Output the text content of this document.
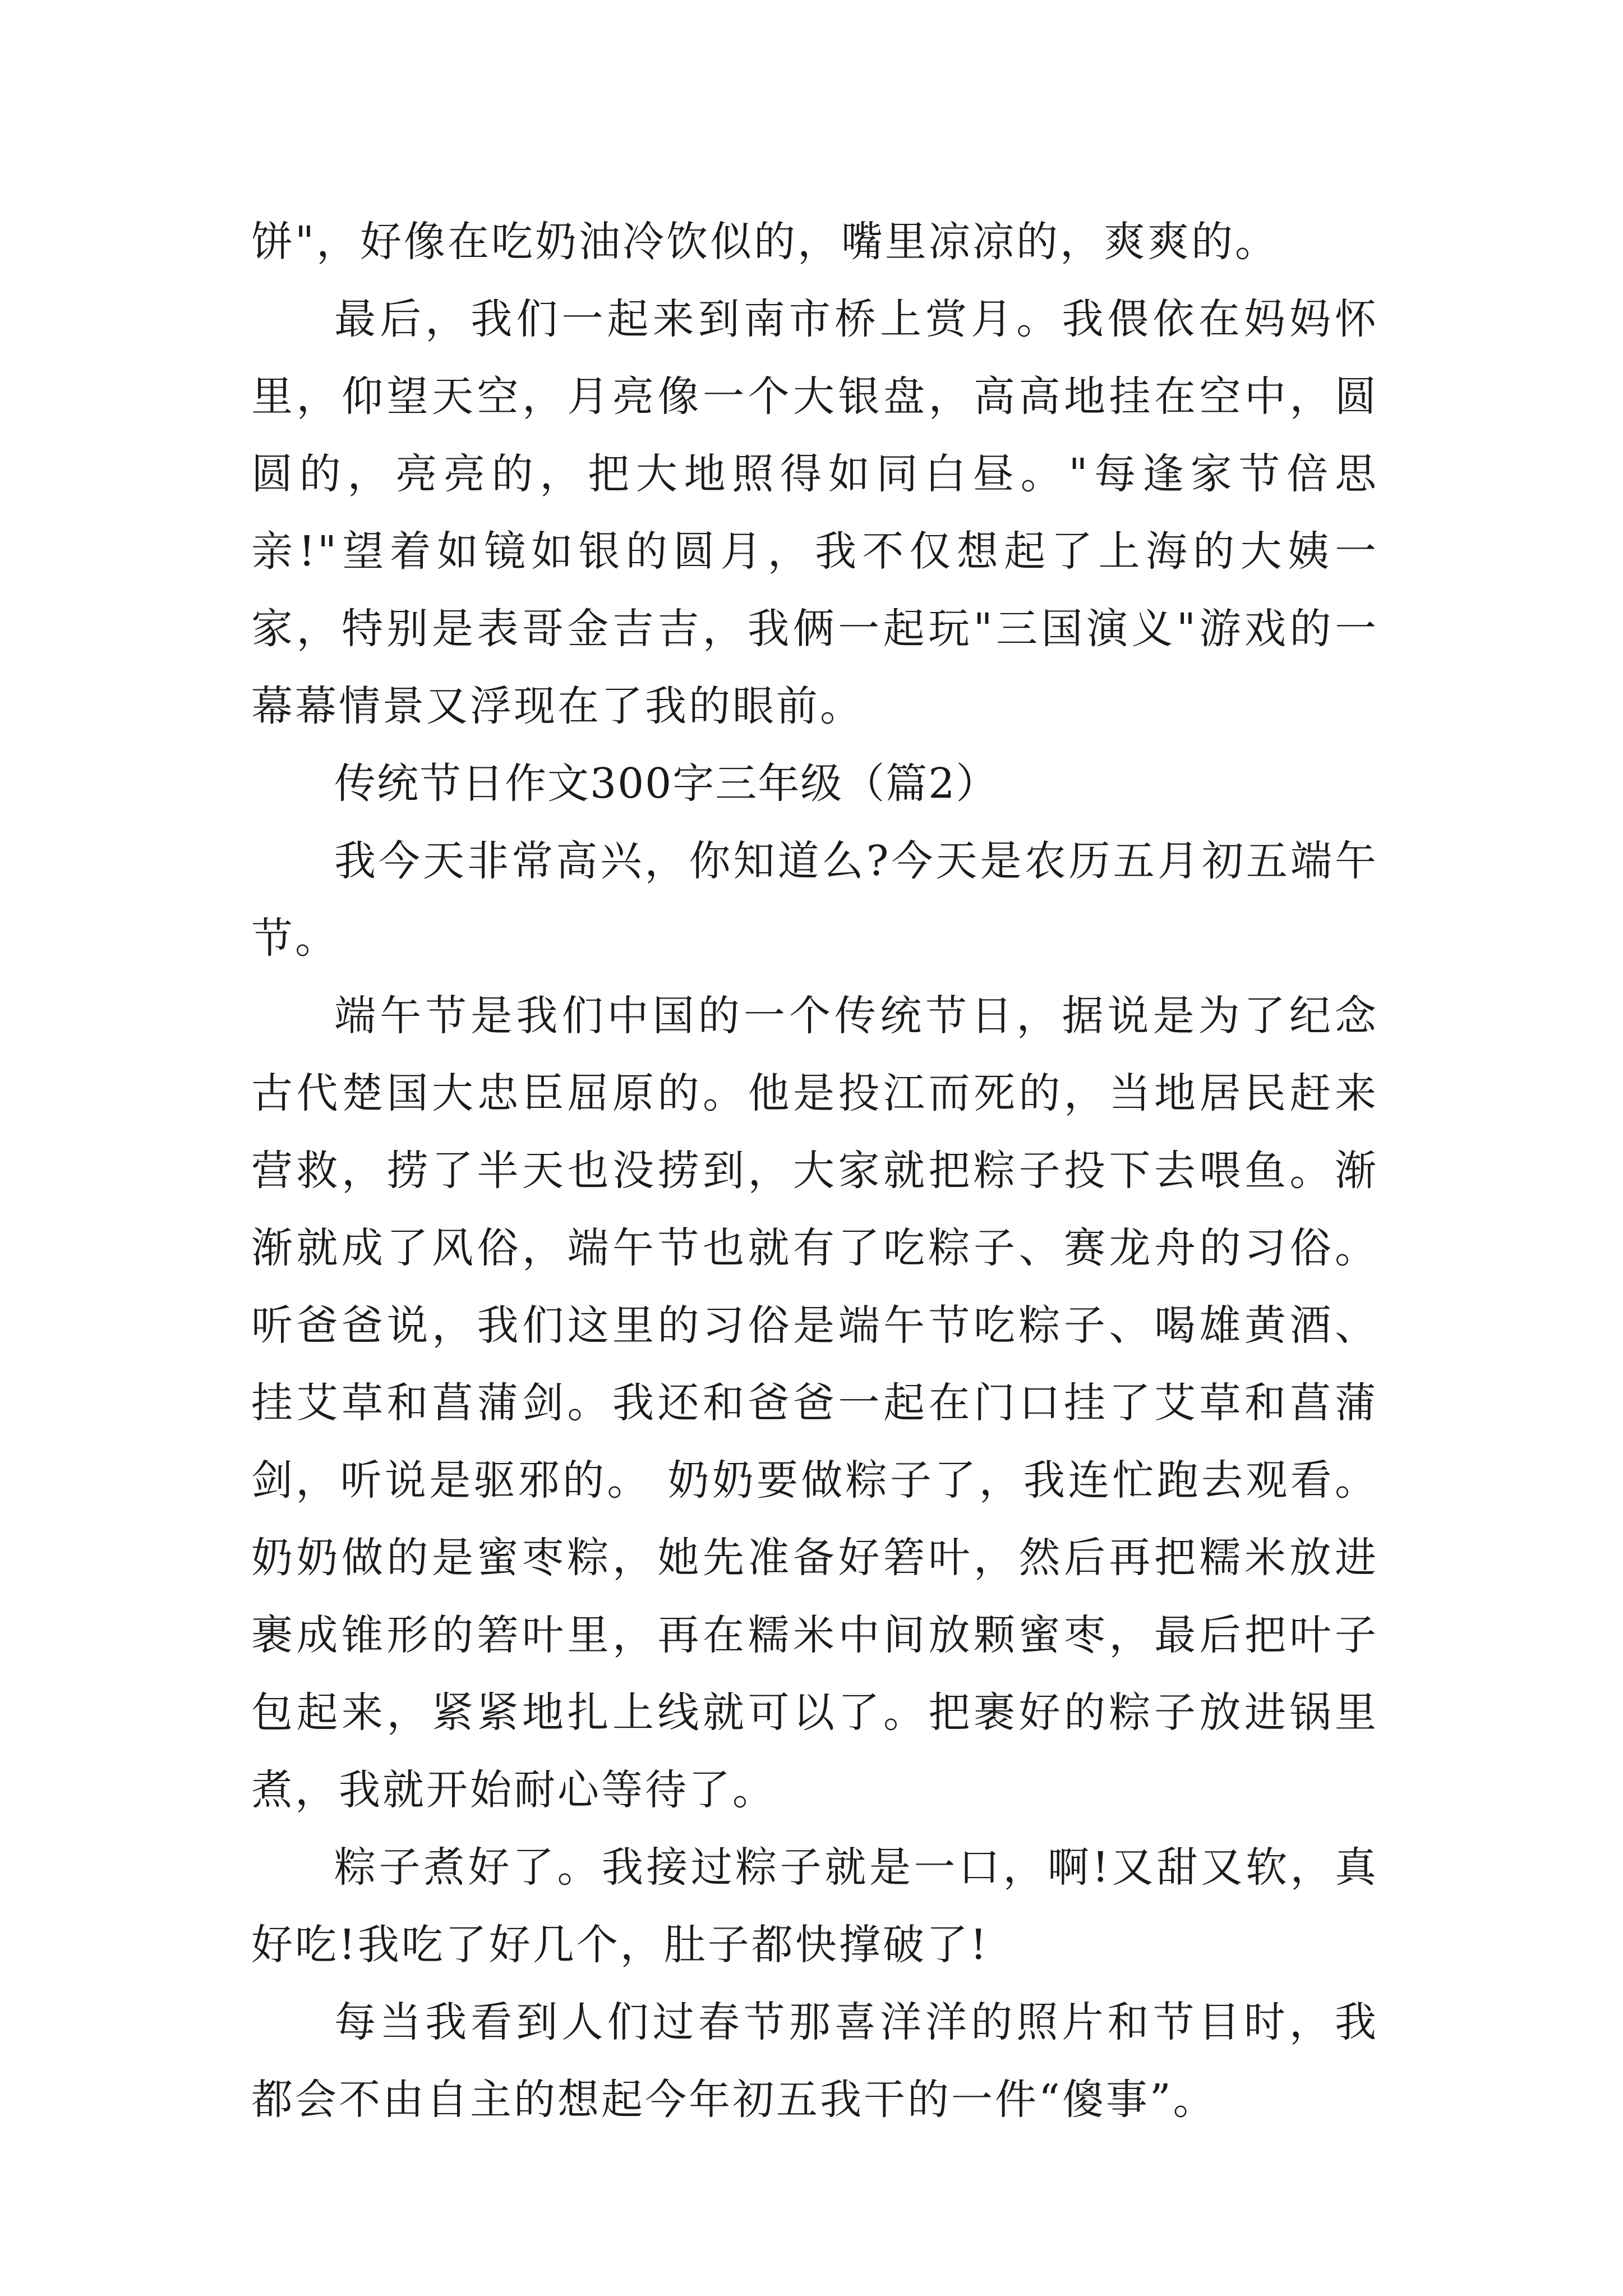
饼"，好像在吃奶油冷饮似的，嘴里凉凉的，爽爽的。

最后，我们一起来到南市桥上赏月。我偎依在妈妈怀里，仰望天空，月亮像一个大银盘，高高地挂在空中，圆圆的，亮亮的，把大地照得如同白昼。"每逢家节倍思亲!"望着如镜如银的圆月，我不仅想起了上海的大姨一家，特别是表哥金吉吉，我俩一起玩"三国演义"游戏的一幕幕情景又浮现在了我的眼前。

传统节日作文300字三年级（篇2）

我今天非常高兴，你知道么?今天是农历五月初五端午节。

端午节是我们中国的一个传统节日，据说是为了纪念古代楚国大忠臣屈原的。他是投江而死的，当地居民赶来营救，捞了半天也没捞到，大家就把粽子投下去喂鱼。渐渐就成了风俗，端午节也就有了吃粽子、赛龙舟的习俗。听爸爸说，我们这里的习俗是端午节吃粽子、喝雄黄酒、挂艾草和菖蒲剑。我还和爸爸一起在门口挂了艾草和菖蒲剑，听说是驱邪的。 奶奶要做粽子了，我连忙跑去观看。奶奶做的是蜜枣粽，她先准备好箬叶，然后再把糯米放进裹成锥形的箬叶里，再在糯米中间放颗蜜枣，最后把叶子包起来，紧紧地扎上线就可以了。把裹好的粽子放进锅里煮，我就开始耐心等待了。

粽子煮好了。我接过粽子就是一口，啊!又甜又软，真好吃!我吃了好几个，肚子都快撑破了!

每当我看到人们过春节那喜洋洋的照片和节目时，我都会不由自主的想起今年初五我干的一件“傻事”。
